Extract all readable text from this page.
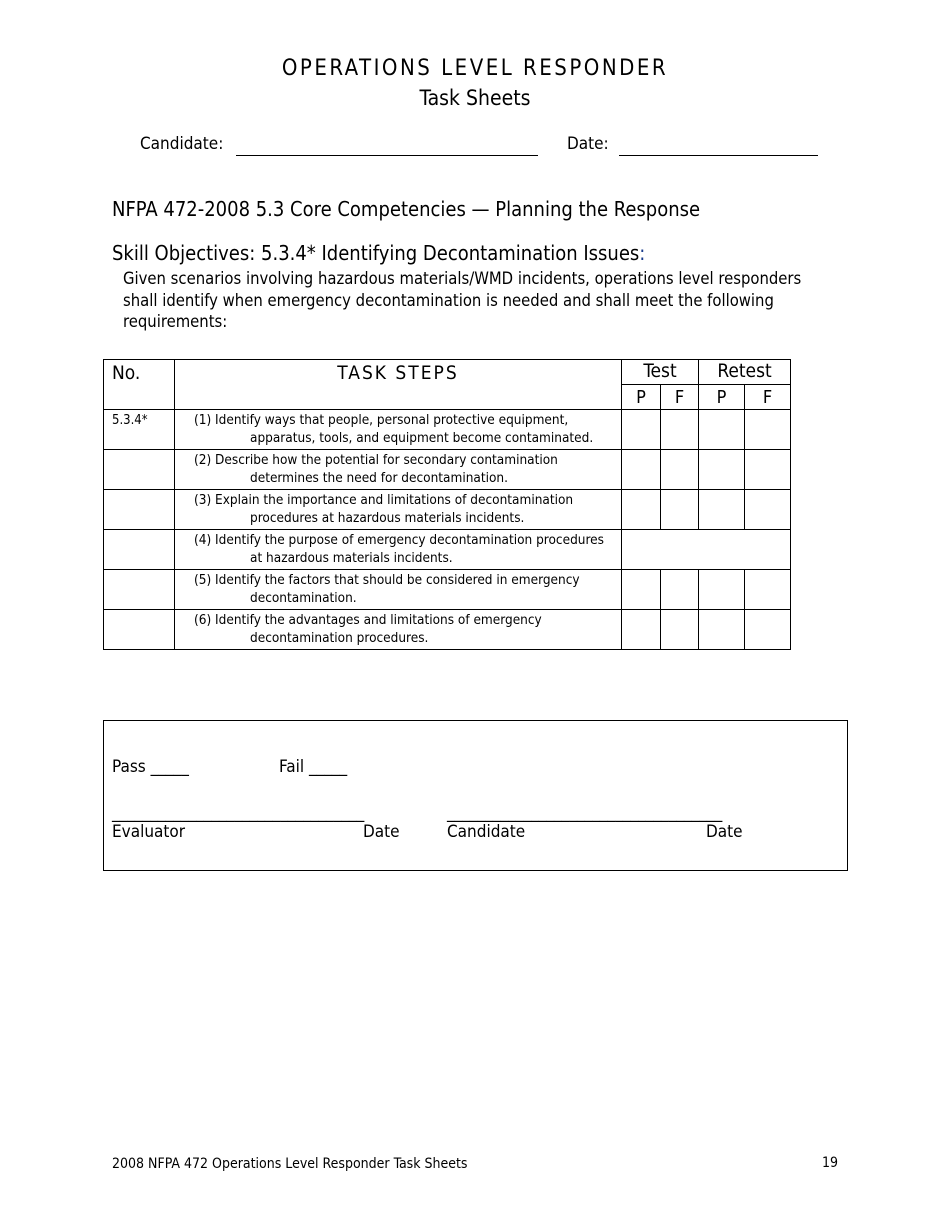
OPERATIONS LEVEL RESPONDER
Task Sheets
Candidate:	Date:
NFPA 472-2008 5.3 Core Competencies — Planning the Response
Skill Objectives: 5.3.4* Identifying Decontamination Issues:
Given scenarios involving hazardous materials/WMD incidents, operations level responders shall identify when emergency decontamination is needed and shall meet the following requirements:
No.	TASK STEPS	Test		Retest	
		P	F	P	F
5.3.4*	(1) Identify ways that people, personal protective equipment,
apparatus, tools, and equipment become contaminated.				

	(2) Describe how the potential for secondary contamination
determines the need for decontamination.				

	(3) Explain the importance and limitations of decontamination
procedures at hazardous materials incidents.				

	(4) Identify the purpose of emergency decontamination procedures
at hazardous materials incidents.				

	(5) Identify the factors that should be considered in emergency
decontamination.				

	(6) Identify the advantages and limitations of emergency
decontamination procedures.				

Pass _____	Fail _____
_________________________________	____________________________________
Evaluator	Date	Candidate	Date
2008 NFPA 472 Operations Level Responder Task Sheets	19
